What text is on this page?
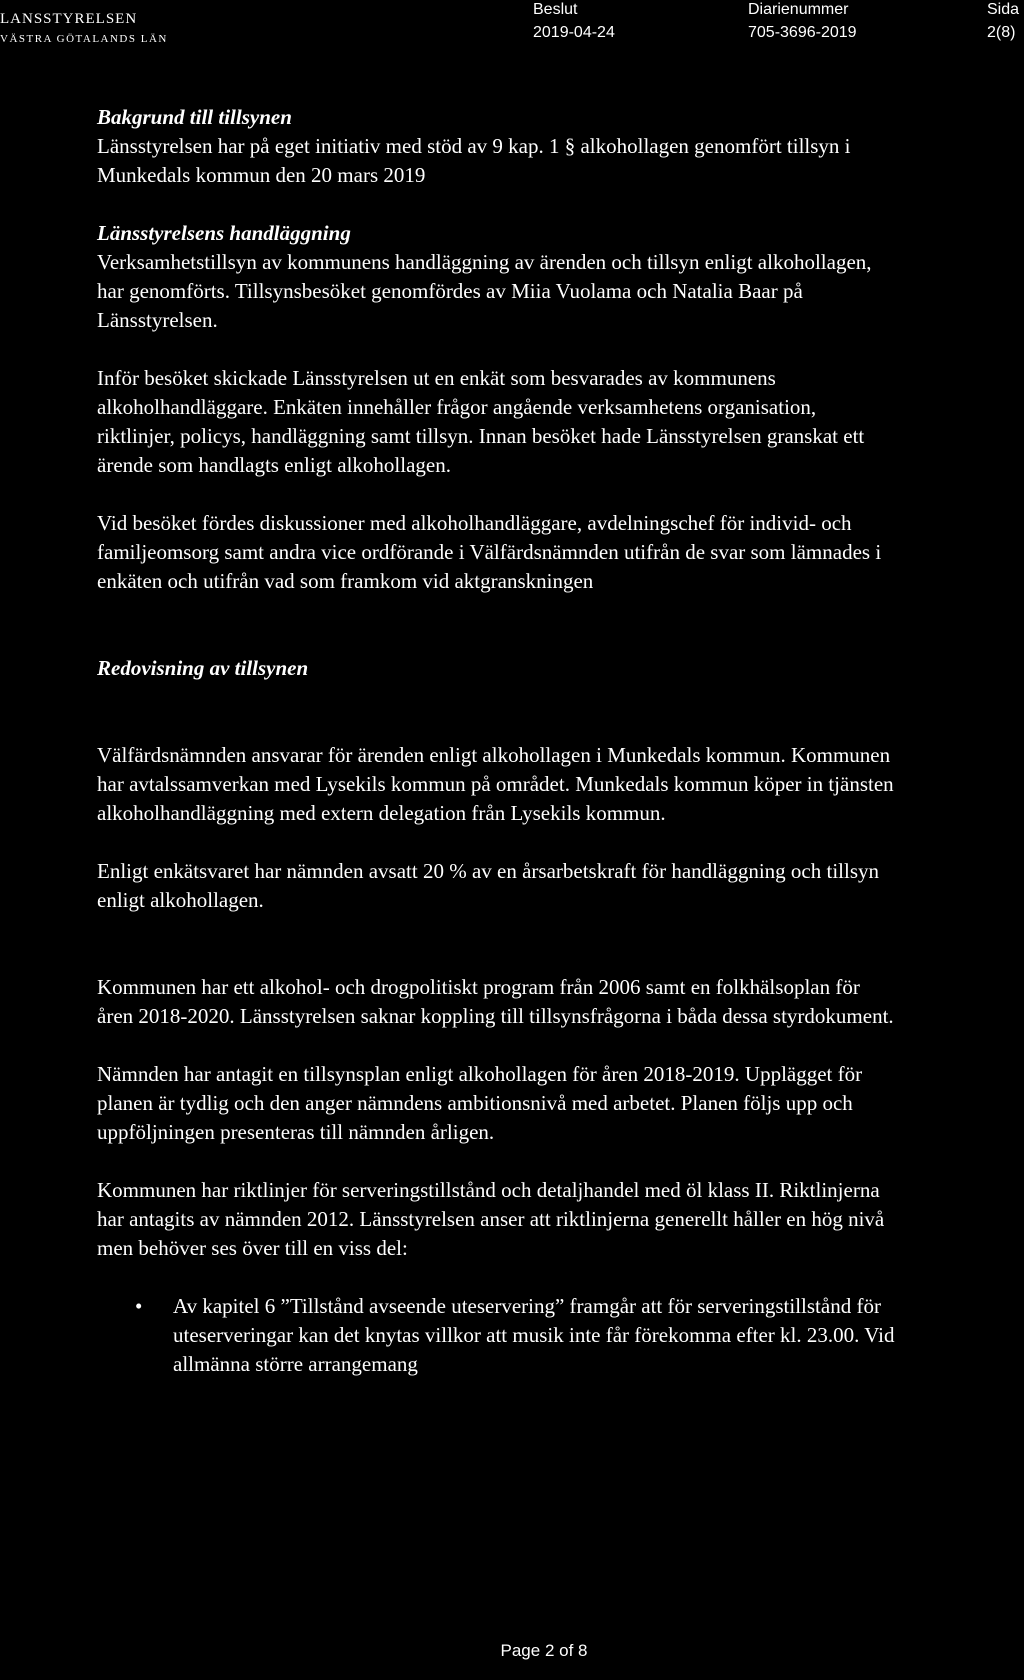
LANSSTYRELSEN
VÄSTRA GÖTALANDS LÄN
Beslut
2019-04-24
Diarienummer
705-3696-2019
Sida
2(8)

Bakgrund till tillsynen

Länsstyrelsen har på eget initiativ med stöd av 9 kap. 1 § alkohollagen genomfört tillsyn i Munkedals kommun den 20 mars 2019

Länsstyrelsens handläggning

Verksamhetstillsyn av kommunens handläggning av ärenden och tillsyn enligt alkohollagen, har genomförts. Tillsynsbesöket genomfördes av Miia Vuolama och Natalia Baar på Länsstyrelsen.

Inför besöket skickade Länsstyrelsen ut en enkät som besvarades av kommunens alkoholhandläggare. Enkäten innehåller frågor angående verksamhetens organisation, riktlinjer, policys, handläggning samt tillsyn. Innan besöket hade Länsstyrelsen granskat ett ärende som handlagts enligt alkohollagen.

Vid besöket fördes diskussioner med alkoholhandläggare, avdelningschef för individ- och familjeomsorg samt andra vice ordförande i Välfärdsnämnden utifrån de svar som lämnades i enkäten och utifrån vad som framkom vid aktgranskningen

Redovisning av tillsynen

Välfärdsnämnden ansvarar för ärenden enligt alkohollagen i Munkedals kommun. Kommunen har avtalssamverkan med Lysekils kommun på området. Munkedals kommun köper in tjänsten alkoholhandläggning med extern delegation från Lysekils kommun.

Enligt enkätsvaret har nämnden avsatt 20 % av en årsarbetskraft för handläggning och tillsyn enligt alkohollagen.

Kommunen har ett alkohol- och drogpolitiskt program från 2006 samt en folkhälsoplan för åren 2018-2020. Länsstyrelsen saknar koppling till tillsynsfrågorna i båda dessa styrdokument.

Nämnden har antagit en tillsynsplan enligt alkohollagen för åren 2018-2019. Upplägget för planen är tydlig och den anger nämndens ambitionsnivå med arbetet. Planen följs upp och uppföljningen presenteras till nämnden årligen.

Kommunen har riktlinjer för serveringstillstånd och detaljhandel med öl klass II. Riktlinjerna har antagits av nämnden 2012. Länsstyrelsen anser att riktlinjerna generellt håller en hög nivå men behöver ses över till en viss del:

• Av kapitel 6 ”Tillstånd avseende uteservering” framgår att för serveringstillstånd för uteserveringar kan det knytas villkor att musik inte får förekomma efter kl. 23.00. Vid allmänna större arrangemang
Page 2 of 8
